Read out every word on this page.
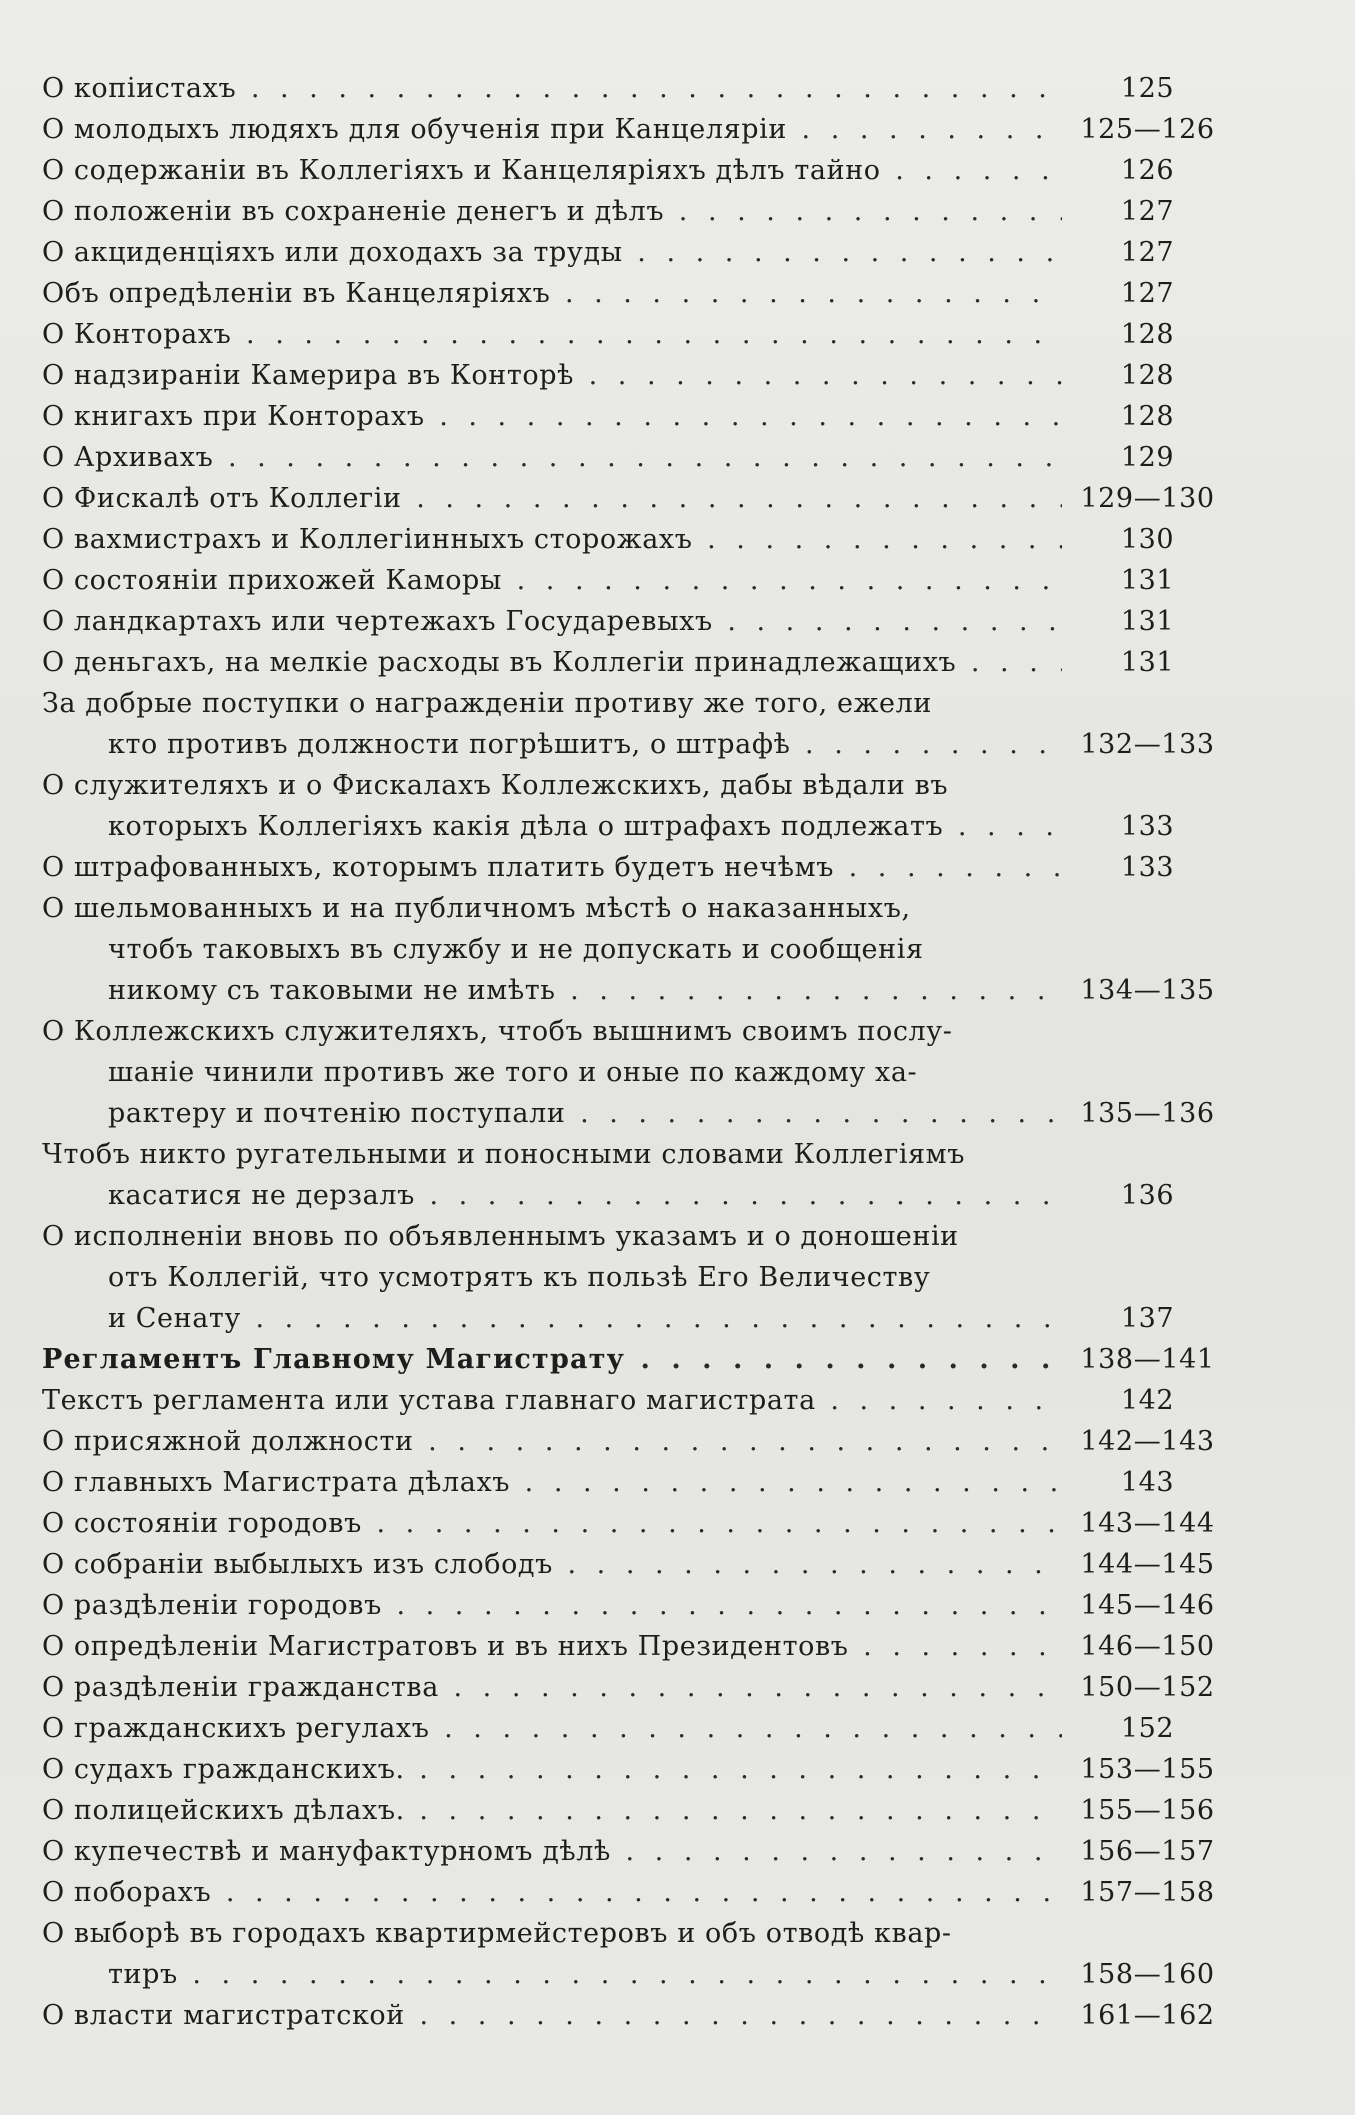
О копiистахъ . . .	125
О молодыхъ людяхъ для обученiя при Канцелярiи . . .	125—126
О содержанiи въ Коллегiяхъ и Канцелярiяхъ дѣлъ тайно . . .	126
О положенiи въ сохраненiе денегъ и дѣлъ . . .	127
О акциденцiяхъ или доходахъ за труды . . .	127
Объ опредѣленiи въ Канцелярiяхъ . . .	127
О Конторахъ . . .	128
О надзиранiи Камерира въ Конторѣ . . .	128
О книгахъ при Конторахъ . . .	128
О Архивахъ . . .	129
О Фискалѣ отъ Коллегiи . . .	129—130
О вахмистрахъ и Коллегiинныхъ сторожахъ . . .	130
О состоянiи прихожей Каморы . . .	131
О ландкартахъ или чертежахъ Государевыхъ . . .	131
О деньгахъ, на мелкiе расходы въ Коллегiи принадлежащихъ . . .	131
За добрые поступки о награжденiи противу же того, ежели
кто противъ должности погрѣшитъ, о штрафѣ . . .	132—133
О служителяхъ и о Фискалахъ Коллежскихъ, дабы вѣдали въ
которыхъ Коллегiяхъ какiя дѣла о штрафахъ подлежатъ . . .	133
О штрафованныхъ, которымъ платить будетъ нечѣмъ . . .	133
О шельмованныхъ и на публичномъ мѣстѣ о наказанныхъ,
чтобъ таковыхъ въ службу и не допускать и сообщенiя
никому съ таковыми не имѣть . . .	134—135
О Коллежскихъ служителяхъ, чтобъ вышнимъ своимъ послу-
шанiе чинили противъ же того и оные по каждому ха-
рактеру и почтенiю поступали . . .	135—136
Чтобъ никто ругательными и поносными словами Коллегiямъ
касатися не дерзалъ . . .	136
О исполненiи вновь по объявленнымъ указамъ и о доношенiи
отъ Коллегiй, что усмотрятъ къ пользѣ Его Величеству
и Сенату . . .	137
Регламентъ Главному Магистрату . . .	138—141
Текстъ регламента или устава главнаго магистрата . . .	142
О присяжной должности . . .	142—143
О главныхъ Магистрата дѣлахъ . . .	143
О состоянiи городовъ . . .	143—144
О собранiи выбылыхъ изъ слободъ . . .	144—145
О раздѣленiи городовъ . . .	145—146
О опредѣленiи Магистратовъ и въ нихъ Президентовъ . . .	146—150
О раздѣленiи гражданства . . .	150—152
О гражданскихъ регулахъ . . .	152
О судахъ гражданскихъ. . . .	153—155
О полицейскихъ дѣлахъ. . . .	155—156
О купечествѣ и мануфактурномъ дѣлѣ . . .	156—157
О поборахъ . . .	157—158
О выборѣ въ городахъ квартирмейстеровъ и объ отводѣ квар-
тиръ . . .	158—160
О власти магистратской . . .	161—162
